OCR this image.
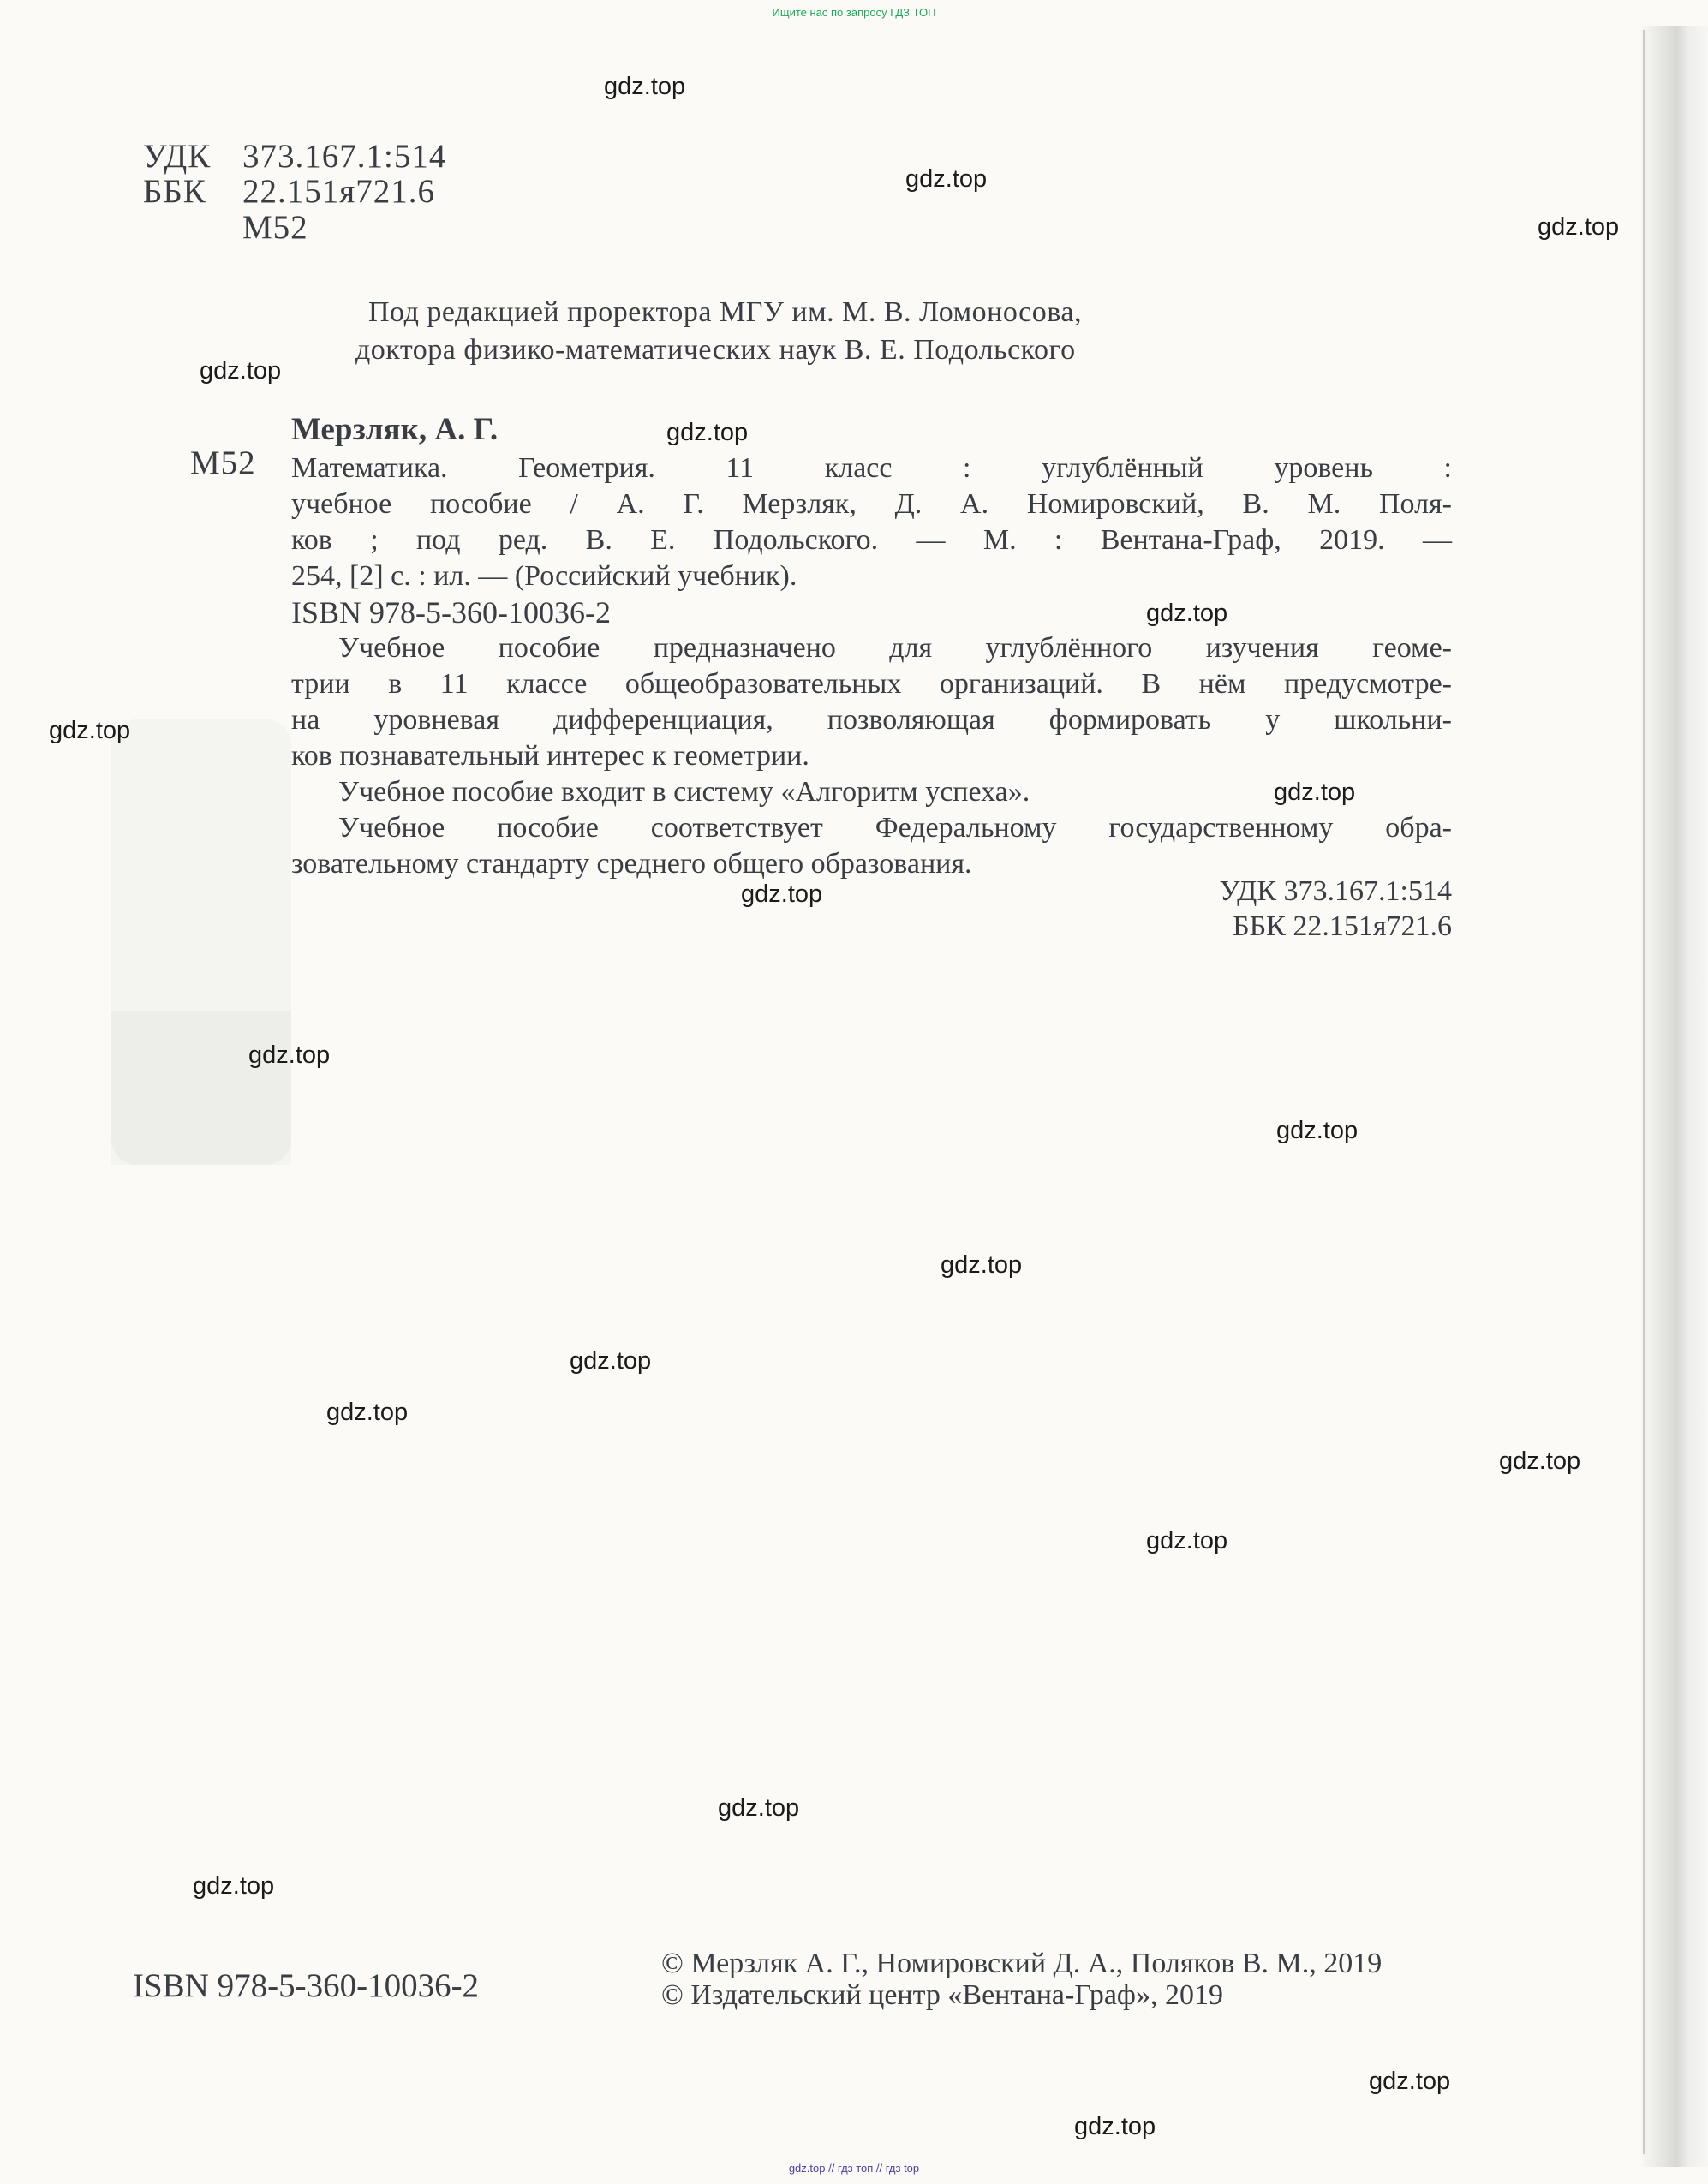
Ищите нас по запросу ГДЗ ТОП
УДК 373.167.1:514
ББК 22.151я721.6
М52
Под редакцией проректора МГУ им. М. В. Ломоносова,
доктора физико-математических наук В. Е. Подольского
Мерзляк, А. Г.
М52 Математика. Геометрия. 11 класс : углублённый уровень :

учебное пособие / А. Г. Мерзляк, Д. А. Номировский, В. М. Поля-

ков ; под ред. В. Е. Подольского. — М. : Вентана-Граф, 2019. —

254, [2] с. : ил. — (Российский учебник).

ISBN 978-5-360-10036-2

Учебное пособие предназначено для углублённого изучения геоме-

трии в 11 классе общеобразовательных организаций. В нём предусмотре-

на уровневая дифференциация, позволяющая формировать у школьни-

ков познавательный интерес к геометрии.

Учебное пособие входит в систему «Алгоритм успеха».

Учебное пособие соответствует Федеральному государственному обра-

зовательному стандарту среднего общего образования.

УДК 373.167.1:514
ББК 22.151я721.6
ISBN 978-5-360-10036-2
© Мерзляк А. Г., Номировский Д. А., Поляков В. М., 2019
© Издательский центр «Вентана-Граф», 2019
gdz.top // гдз топ // гдз top
gdz.top
gdz.top
gdz.top
gdz.top
gdz.top
gdz.top
gdz.top
gdz.top
gdz.top
gdz.top
gdz.top
gdz.top
gdz.top
gdz.top
gdz.top
gdz.top
gdz.top
gdz.top
gdz.top
gdz.top
